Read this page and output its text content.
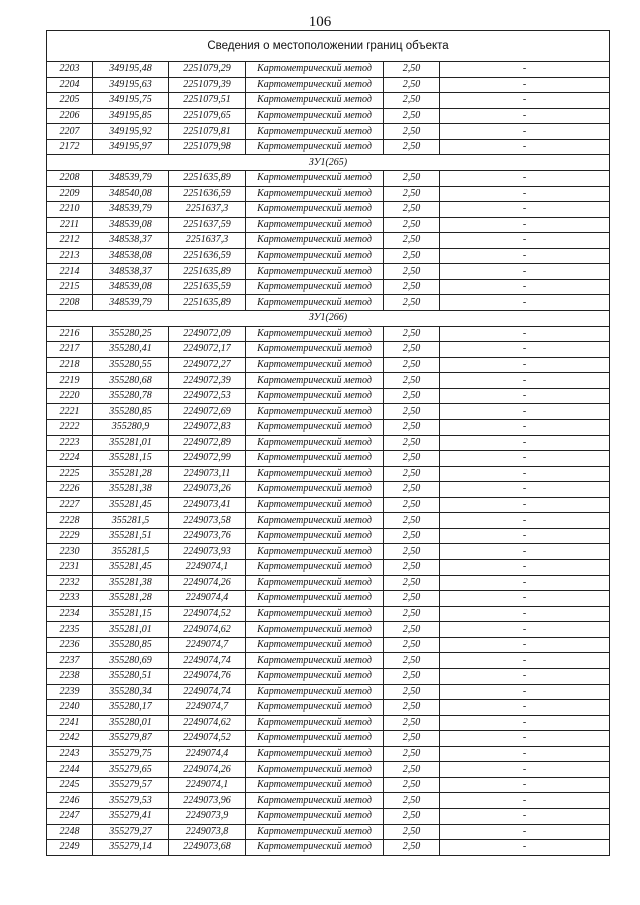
106
Сведения о местоположении границ объекта					
2203	349195,48	2251079,29	Картометрический метод	2,50	-
2204	349195,63	2251079,39	Картометрический метод	2,50	-
2205	349195,75	2251079,51	Картометрический метод	2,50	-
2206	349195,85	2251079,65	Картометрический метод	2,50	-
2207	349195,92	2251079,81	Картометрический метод	2,50	-
2172	349195,97	2251079,98	Картометрический метод	2,50	-
ЗУ1(265)					
2208	348539,79	2251635,89	Картометрический метод	2,50	-
2209	348540,08	2251636,59	Картометрический метод	2,50	-
2210	348539,79	2251637,3	Картометрический метод	2,50	-
2211	348539,08	2251637,59	Картометрический метод	2,50	-
2212	348538,37	2251637,3	Картометрический метод	2,50	-
2213	348538,08	2251636,59	Картометрический метод	2,50	-
2214	348538,37	2251635,89	Картометрический метод	2,50	-
2215	348539,08	2251635,59	Картометрический метод	2,50	-
2208	348539,79	2251635,89	Картометрический метод	2,50	-
ЗУ1(266)					
2216	355280,25	2249072,09	Картометрический метод	2,50	-
2217	355280,41	2249072,17	Картометрический метод	2,50	-
2218	355280,55	2249072,27	Картометрический метод	2,50	-
2219	355280,68	2249072,39	Картометрический метод	2,50	-
2220	355280,78	2249072,53	Картометрический метод	2,50	-
2221	355280,85	2249072,69	Картометрический метод	2,50	-
2222	355280,9	2249072,83	Картометрический метод	2,50	-
2223	355281,01	2249072,89	Картометрический метод	2,50	-
2224	355281,15	2249072,99	Картометрический метод	2,50	-
2225	355281,28	2249073,11	Картометрический метод	2,50	-
2226	355281,38	2249073,26	Картометрический метод	2,50	-
2227	355281,45	2249073,41	Картометрический метод	2,50	-
2228	355281,5	2249073,58	Картометрический метод	2,50	-
2229	355281,51	2249073,76	Картометрический метод	2,50	-
2230	355281,5	2249073,93	Картометрический метод	2,50	-
2231	355281,45	2249074,1	Картометрический метод	2,50	-
2232	355281,38	2249074,26	Картометрический метод	2,50	-
2233	355281,28	2249074,4	Картометрический метод	2,50	-
2234	355281,15	2249074,52	Картометрический метод	2,50	-
2235	355281,01	2249074,62	Картометрический метод	2,50	-
2236	355280,85	2249074,7	Картометрический метод	2,50	-
2237	355280,69	2249074,74	Картометрический метод	2,50	-
2238	355280,51	2249074,76	Картометрический метод	2,50	-
2239	355280,34	2249074,74	Картометрический метод	2,50	-
2240	355280,17	2249074,7	Картометрический метод	2,50	-
2241	355280,01	2249074,62	Картометрический метод	2,50	-
2242	355279,87	2249074,52	Картометрический метод	2,50	-
2243	355279,75	2249074,4	Картометрический метод	2,50	-
2244	355279,65	2249074,26	Картометрический метод	2,50	-
2245	355279,57	2249074,1	Картометрический метод	2,50	-
2246	355279,53	2249073,96	Картометрический метод	2,50	-
2247	355279,41	2249073,9	Картометрический метод	2,50	-
2248	355279,27	2249073,8	Картометрический метод	2,50	-
2249	355279,14	2249073,68	Картометрический метод	2,50	-
